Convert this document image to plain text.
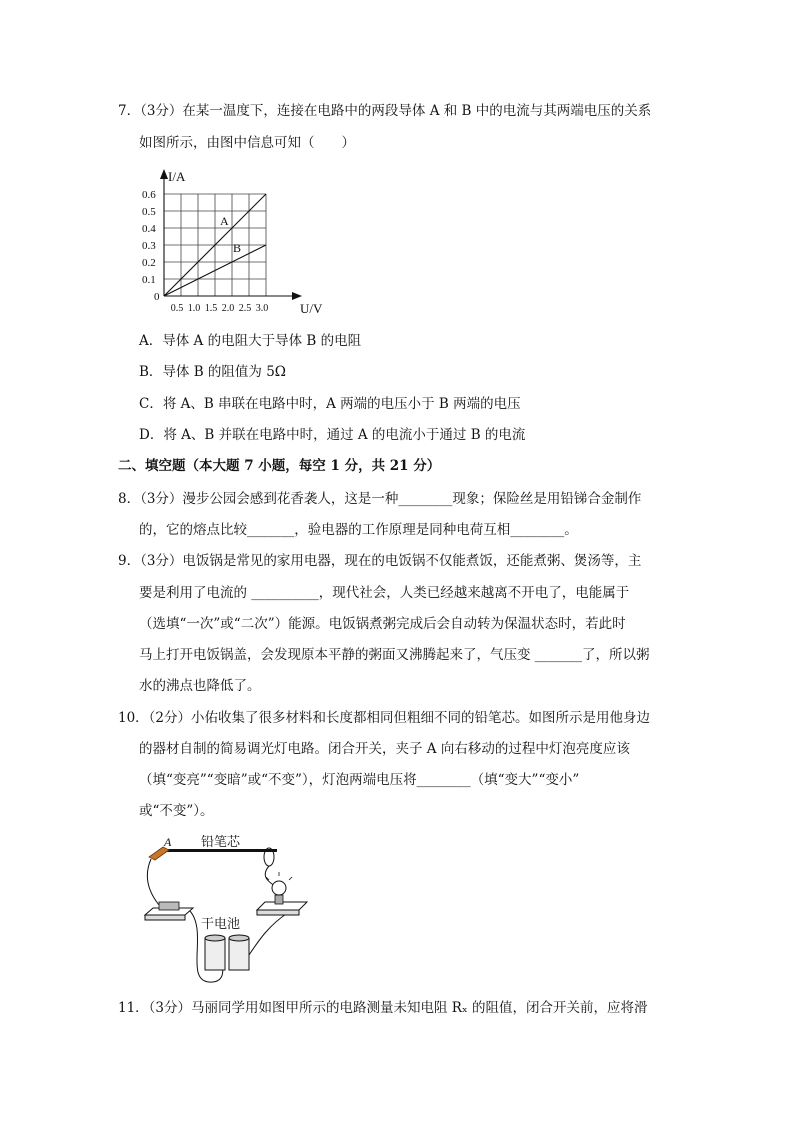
7．（3分）在某一温度下，连接在电路中的两段导体 A 和 B 中的电流与其两端电压的关系
如图所示，由图中信息可知（　　）
I/A
U/V
0
0.1
0.2
0.3
0.4
0.5
0.6
0.5 1.0 1.5 2.0 2.5 3.0
A
B
A．导体 A 的电阻大于导体 B 的电阻
B．导体 B 的阻值为 5Ω
C．将 A、B 串联在电路中时，A 两端的电压小于 B 两端的电压
D．将 A、B 并联在电路中时，通过 A 的电流小于通过 B 的电流
二、填空题（本大题 7 小题，每空 1 分，共 21 分）
8．（3分）漫步公园会感到花香袭人，这是一种________现象；保险丝是用铅锑合金制作
的，它的熔点比较_______，验电器的工作原理是同种电荷互相________。
9．（3分）电饭锅是常见的家用电器，现在的电饭锅不仅能煮饭，还能煮粥、煲汤等，主
要是利用了电流的 __________，现代社会，人类已经越来越离不开电了，电能属于
（选填“一次”或“二次”）能源。电饭锅煮粥完成后会自动转为保温状态时，若此时
马上打开电饭锅盖，会发现原本平静的粥面又沸腾起来了，气压变 _______了，所以粥
水的沸点也降低了。
10．（2分）小佑收集了很多材料和长度都相同但粗细不同的铅笔芯。如图所示是用他身边
的器材自制的简易调光灯电路。闭合开关，夹子 A 向右移动的过程中灯泡亮度应该
（填“变亮”“变暗”或“不变”），灯泡两端电压将________（填“变大”“变小”
或“不变”）。
A 铅笔芯
干电池
11．（3分）马丽同学用如图甲所示的电路测量未知电阻 Rₓ 的阻值，闭合开关前，应将滑
